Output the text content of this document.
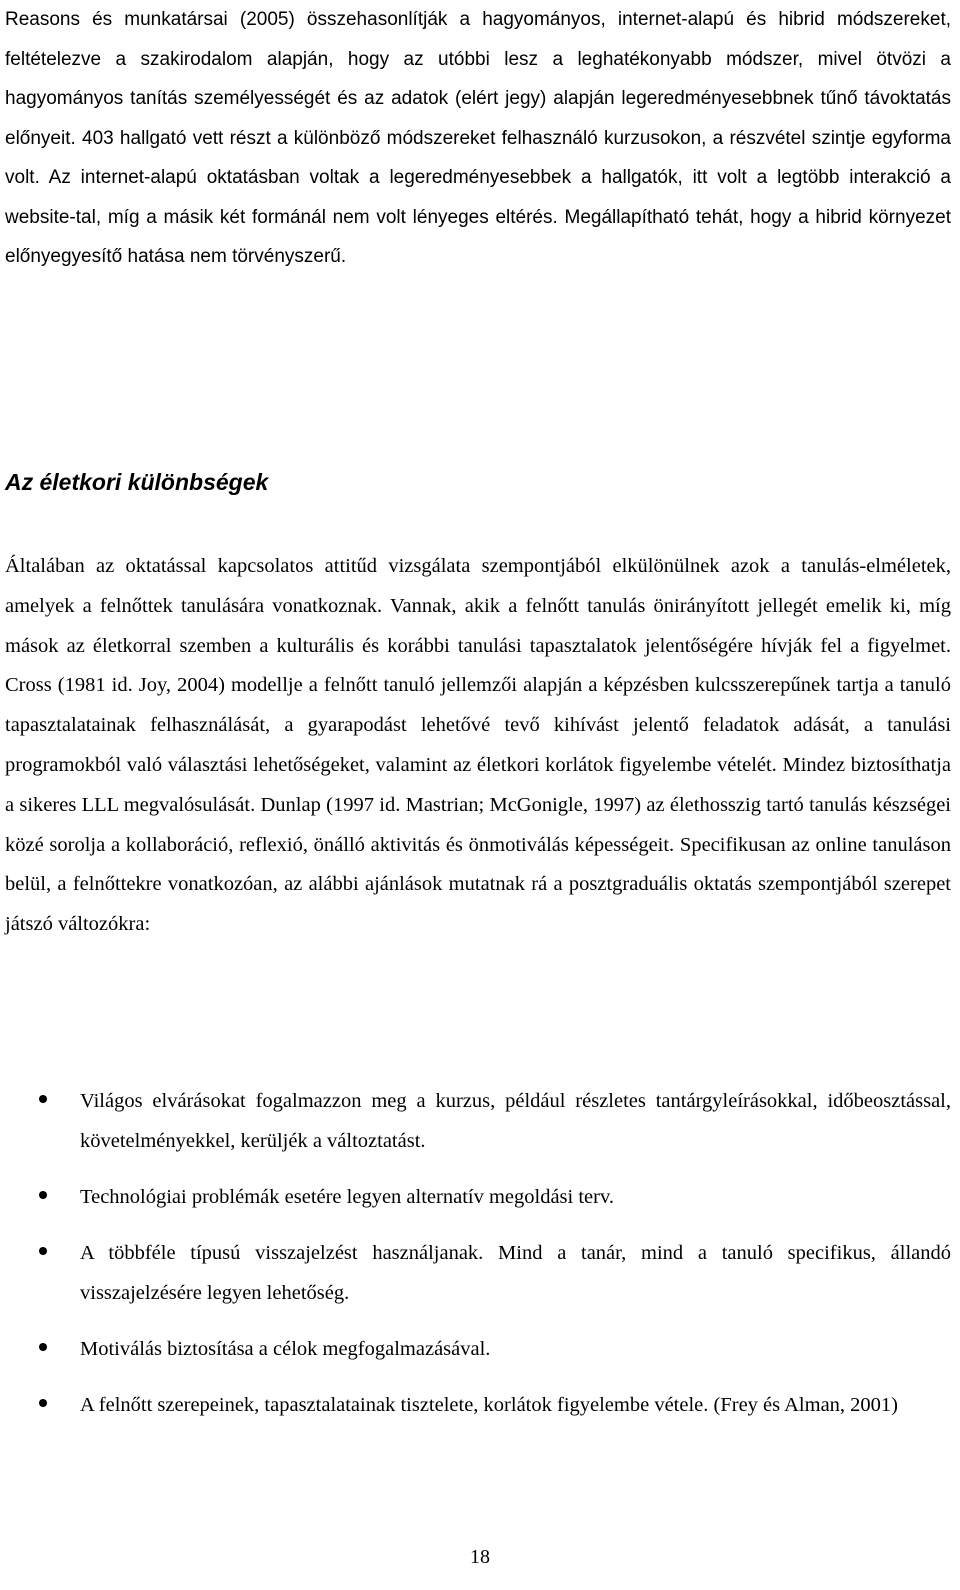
Reasons és munkatársai (2005) összehasonlítják a hagyományos, internet-alapú és hibrid módszereket, feltételezve a szakirodalom alapján, hogy az utóbbi lesz a leghatékonyabb módszer, mivel ötvözi a hagyományos tanítás személyességét és az adatok (elért jegy) alapján legeredményesebbnek tűnő távoktatás előnyeit. 403 hallgató vett részt a különböző módszereket felhasználó kurzusokon, a részvétel szintje egyforma volt. Az internet-alapú oktatásban voltak a legeredményesebbek a hallgatók, itt volt a legtöbb interakció a website-tal, míg a másik két formánál nem volt lényeges eltérés. Megállapítható tehát, hogy a hibrid környezet előnyegyesítő hatása nem törvényszerű.

Az életkori különbségek

Általában az oktatással kapcsolatos attitűd vizsgálata szempontjából elkülönülnek azok a tanulás-elméletek, amelyek a felnőttek tanulására vonatkoznak. Vannak, akik a felnőtt tanulás önirányított jellegét emelik ki, míg mások az életkorral szemben a kulturális és korábbi tanulási tapasztalatok jelentőségére hívják fel a figyelmet. Cross (1981 id. Joy, 2004) modellje a felnőtt tanuló jellemzői alapján a képzésben kulcsszerepűnek tartja a tanuló tapasztalatainak felhasználását, a gyarapodást lehetővé tevő kihívást jelentő feladatok adását, a tanulási programokból való választási lehetőségeket, valamint az életkori korlátok figyelembe vételét. Mindez biztosíthatja a sikeres LLL megvalósulását. Dunlap (1997 id. Mastrian; McGonigle, 1997) az élethosszig tartó tanulás készségei közé sorolja a kollaboráció, reflexió, önálló aktivitás és önmotiválás képességeit. Specifikusan az online tanuláson belül, a felnőttekre vonatkozóan, az alábbi ajánlások mutatnak rá a posztgraduális oktatás szempontjából szerepet játszó változókra:

Világos elvárásokat fogalmazzon meg a kurzus, például részletes tantárgyleírásokkal, időbeosztással, követelményekkel, kerüljék a változtatást.
Technológiai problémák esetére legyen alternatív megoldási terv.
A többféle típusú visszajelzést használjanak. Mind a tanár, mind a tanuló specifikus, állandó visszajelzésére legyen lehetőség.
Motiválás biztosítása a célok megfogalmazásával.
A felnőtt szerepeinek, tapasztalatainak tisztelete, korlátok figyelembe vétele. (Frey és Alman, 2001)

18
